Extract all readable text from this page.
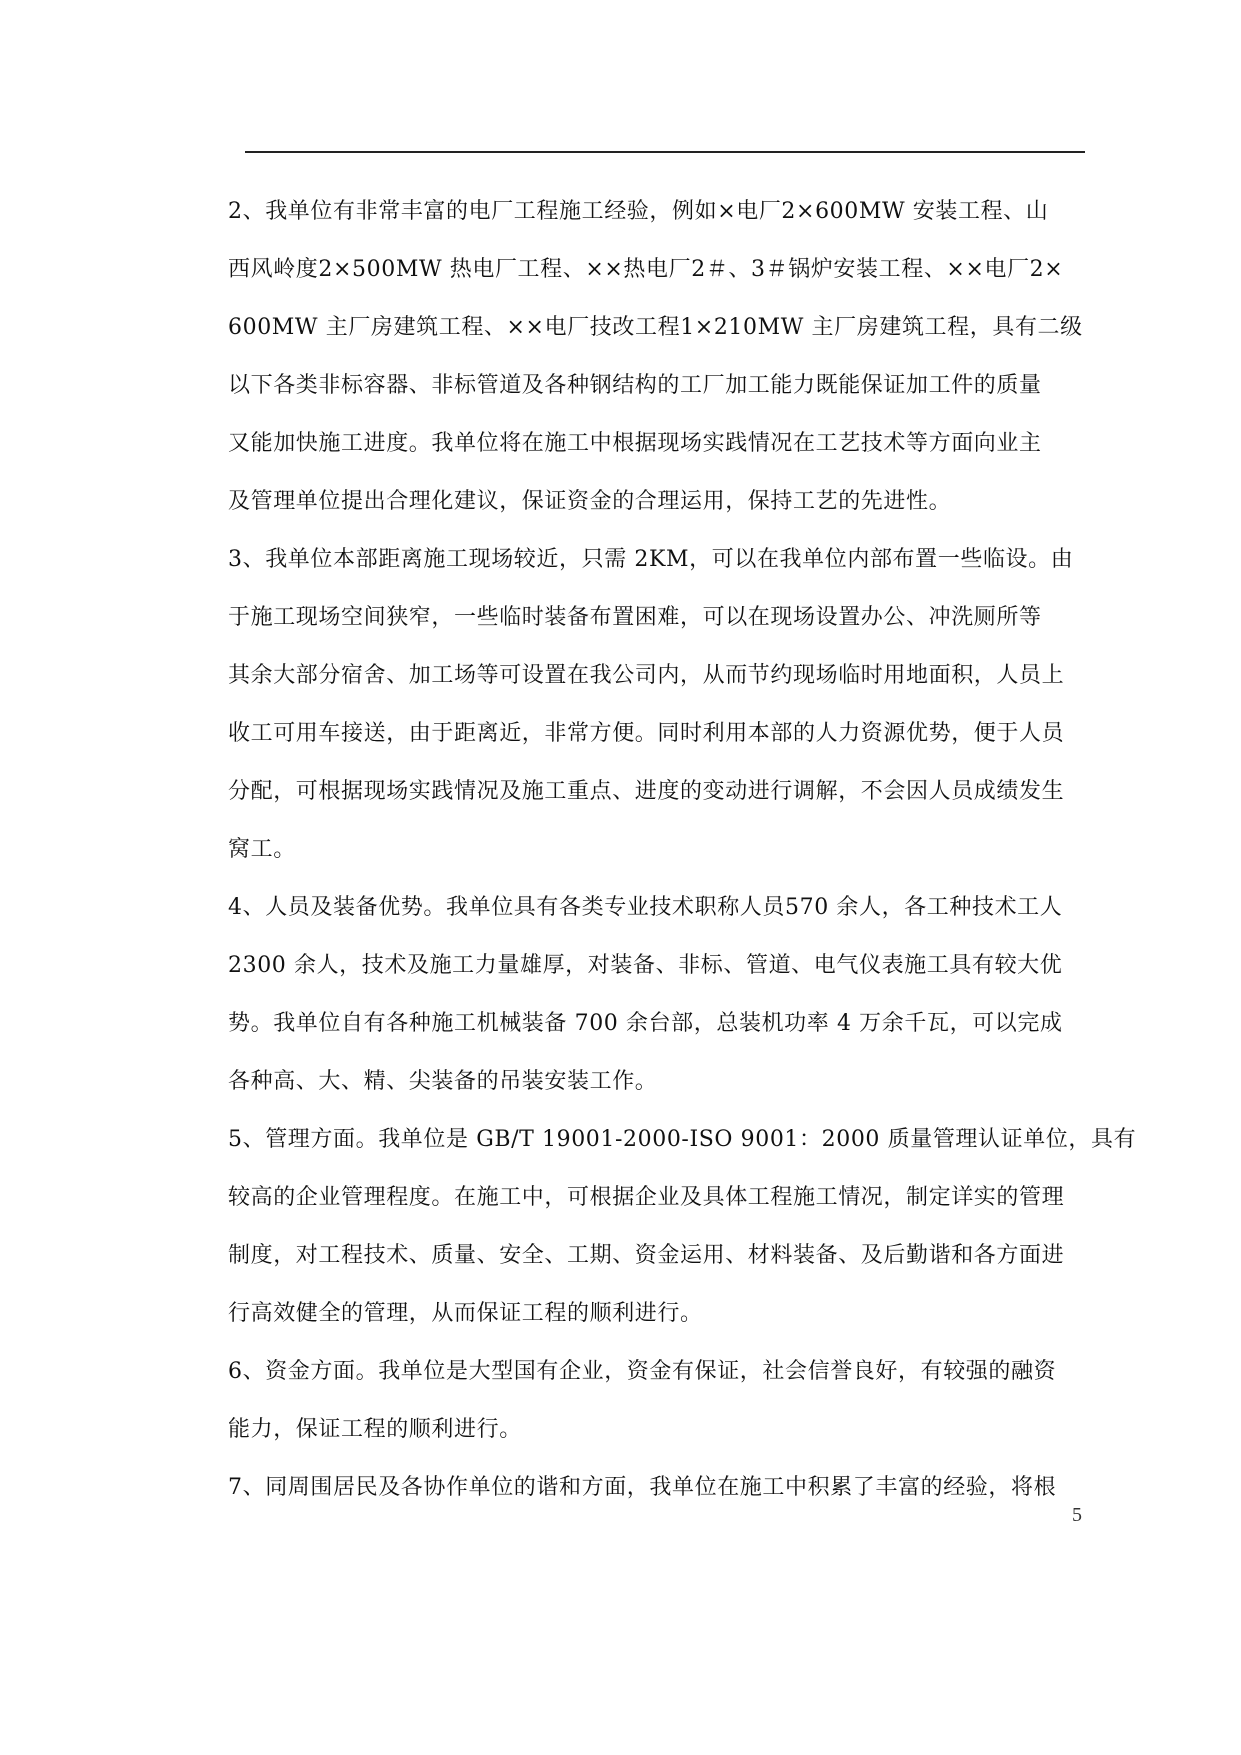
2、我单位有非常丰富的电厂工程施工经验，例如×电厂2×600MW 安装工程、山
西风岭度2×500MW 热电厂工程、××热电厂2＃、3＃锅炉安装工程、××电厂2×
600MW 主厂房建筑工程、××电厂技改工程1×210MW 主厂房建筑工程，具有二级
以下各类非标容器、非标管道及各种钢结构的工厂加工能力既能保证加工件的质量
又能加快施工进度。我单位将在施工中根据现场实践情况在工艺技术等方面向业主
及管理单位提出合理化建议，保证资金的合理运用，保持工艺的先进性。
3、我单位本部距离施工现场较近，只需 2KM，可以在我单位内部布置一些临设。由
于施工现场空间狭窄，一些临时装备布置困难，可以在现场设置办公、冲洗厕所等
其余大部分宿舍、加工场等可设置在我公司内，从而节约现场临时用地面积，人员上
收工可用车接送，由于距离近，非常方便。同时利用本部的人力资源优势，便于人员
分配，可根据现场实践情况及施工重点、进度的变动进行调解，不会因人员成绩发生
窝工。
4、人员及装备优势。我单位具有各类专业技术职称人员570 余人，各工种技术工人
2300 余人，技术及施工力量雄厚，对装备、非标、管道、电气仪表施工具有较大优
势。我单位自有各种施工机械装备 700 余台部，总装机功率 4 万余千瓦，可以完成
各种高、大、精、尖装备的吊装安装工作。
5、管理方面。我单位是 GB/T 19001-2000-ISO 9001：2000 质量管理认证单位，具有
较高的企业管理程度。在施工中，可根据企业及具体工程施工情况，制定详实的管理
制度，对工程技术、质量、安全、工期、资金运用、材料装备、及后勤谐和各方面进
行高效健全的管理，从而保证工程的顺利进行。
6、资金方面。我单位是大型国有企业，资金有保证，社会信誉良好，有较强的融资
能力，保证工程的顺利进行。
7、同周围居民及各协作单位的谐和方面，我单位在施工中积累了丰富的经验，将根
5
